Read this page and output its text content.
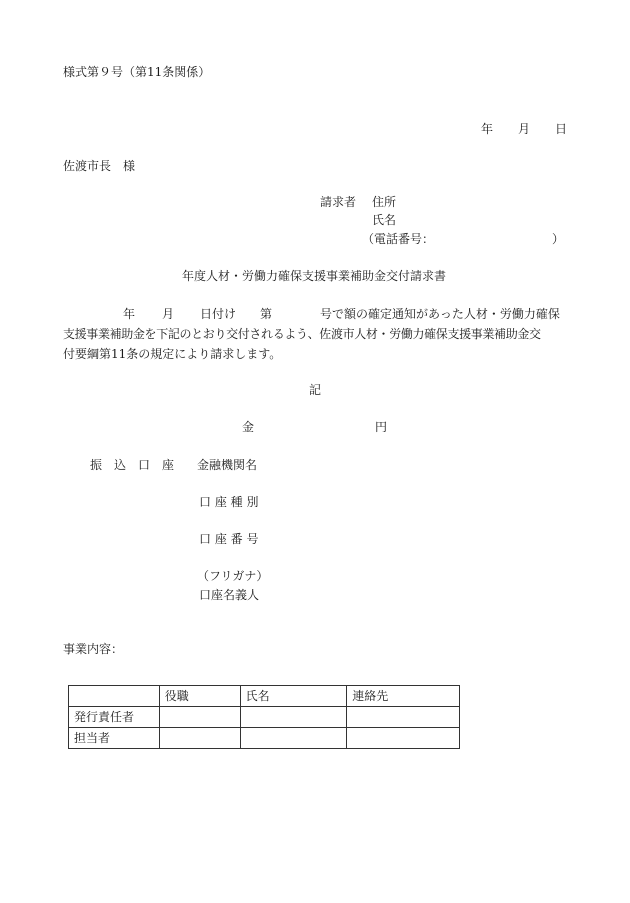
様式第９号（第11条関係）
年 月 日
佐渡市長　様
請求者 住所
氏名
（電話番号：	）
年度人材・労働力確保支援事業補助金交付請求書
年 月 日付け 第	号で額の確定通知があった人材・労働力確保
支援事業補助金を下記のとおり交付されるよう、佐渡市人材・労働力確保支援事業補助金交
付要綱第11条の規定により請求します。
記
金	円
振　込　口　座 金融機関名
口 座 種 別
口 座 番 号
（フリガナ）
口座名義人
事業内容：
	役職	氏名	連絡先
発行責任者			
担当者			
